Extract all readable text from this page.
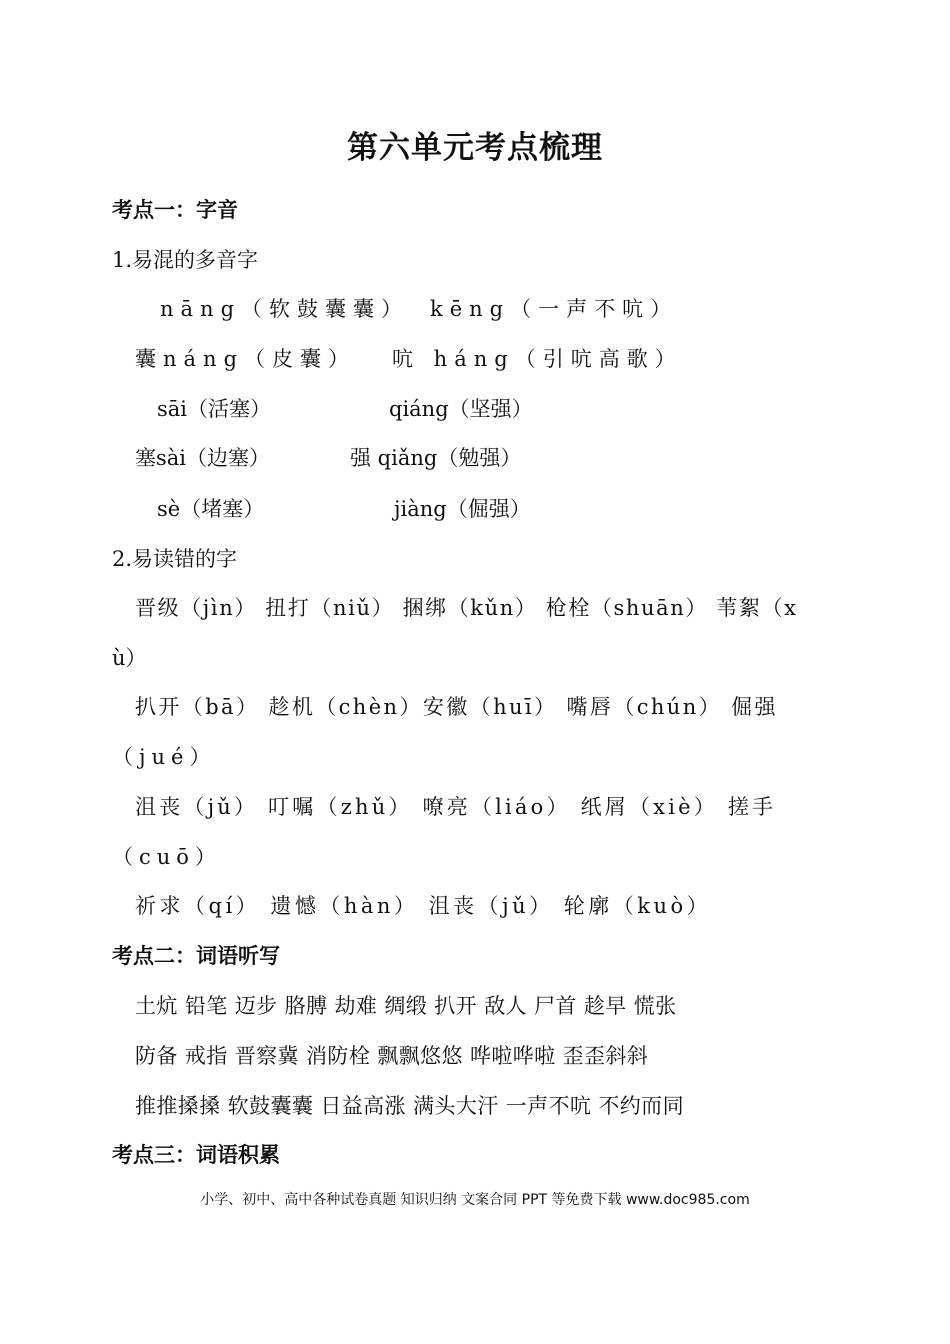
第六单元考点梳理
考点一：字音
1.易混的多音字
nāng（软鼓囊囊） kēng（一声不吭）
囊náng（皮囊） 吭 háng（引吭高歌）
sāi（活塞）	qiáng（坚强）
塞sài（边塞）	强 qiǎng（勉强）
sè（堵塞）	jiàng（倔强）
2.易读错的字
晋级（jìn） 扭打（niǔ） 捆绑（kǔn） 枪栓（shuān） 苇絮（x
ù）
扒开（bā） 趁机（chèn）安徽（huī） 嘴唇（chún） 倔强
（jué）
沮丧（jǔ） 叮嘱（zhǔ） 嘹亮（liáo） 纸屑（xiè） 搓手
（cuō）
祈求（qí） 遗憾（hàn） 沮丧（jǔ） 轮廓（kuò）
考点二：词语听写
土炕 铅笔 迈步 胳膊 劫难 绸缎 扒开 敌人 尸首 趁早 慌张
防备 戒指 晋察冀 消防栓 飘飘悠悠 哗啦哗啦 歪歪斜斜
推推搡搡 软鼓囊囊 日益高涨 满头大汗 一声不吭 不约而同
考点三：词语积累
小学、初中、高中各种试卷真题 知识归纳 文案合同 PPT 等免费下载 www.doc985.com
